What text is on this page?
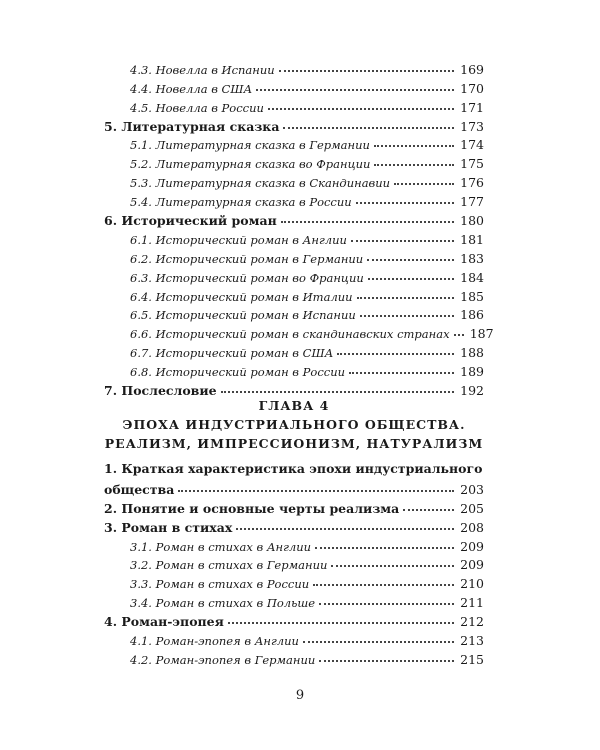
4.3. Новелла в Испании	169
4.4. Новелла в США	170
4.5. Новелла в России	171
5. Литературная сказка	173
5.1. Литературная сказка в Германии	174
5.2. Литературная сказка во Франции	175
5.3. Литературная сказка в Скандинавии	176
5.4. Литературная сказка в России	177
6. Исторический роман	180
6.1. Исторический роман в Англии	181
6.2. Исторический роман в Германии	183
6.3. Исторический роман во Франции	184
6.4. Исторический роман в Италии	185
6.5. Исторический роман в Испании	186
6.6. Исторический роман в скандинавских странах	187
6.7. Исторический роман в США	188
6.8. Исторический роман в России	189
7. Послесловие	192
ГЛАВА 4
ЭПОХА ИНДУСТРИАЛЬНОГО ОБЩЕСТВА.
РЕАЛИЗМ, ИМПРЕССИОНИЗМ, НАТУРАЛИЗМ
1. Краткая характеристика эпохи индустриального
общества	203
2. Понятие и основные черты реализма	205
3. Роман в стихах	208
3.1. Роман в стихах в Англии	209
3.2. Роман в стихах в Германии	209
3.3. Роман в стихах в России	210
3.4. Роман в стихах в Польше	211
4. Роман-эпопея	212
4.1. Роман-эпопея в Англии	213
4.2. Роман-эпопея в Германии	215
9
